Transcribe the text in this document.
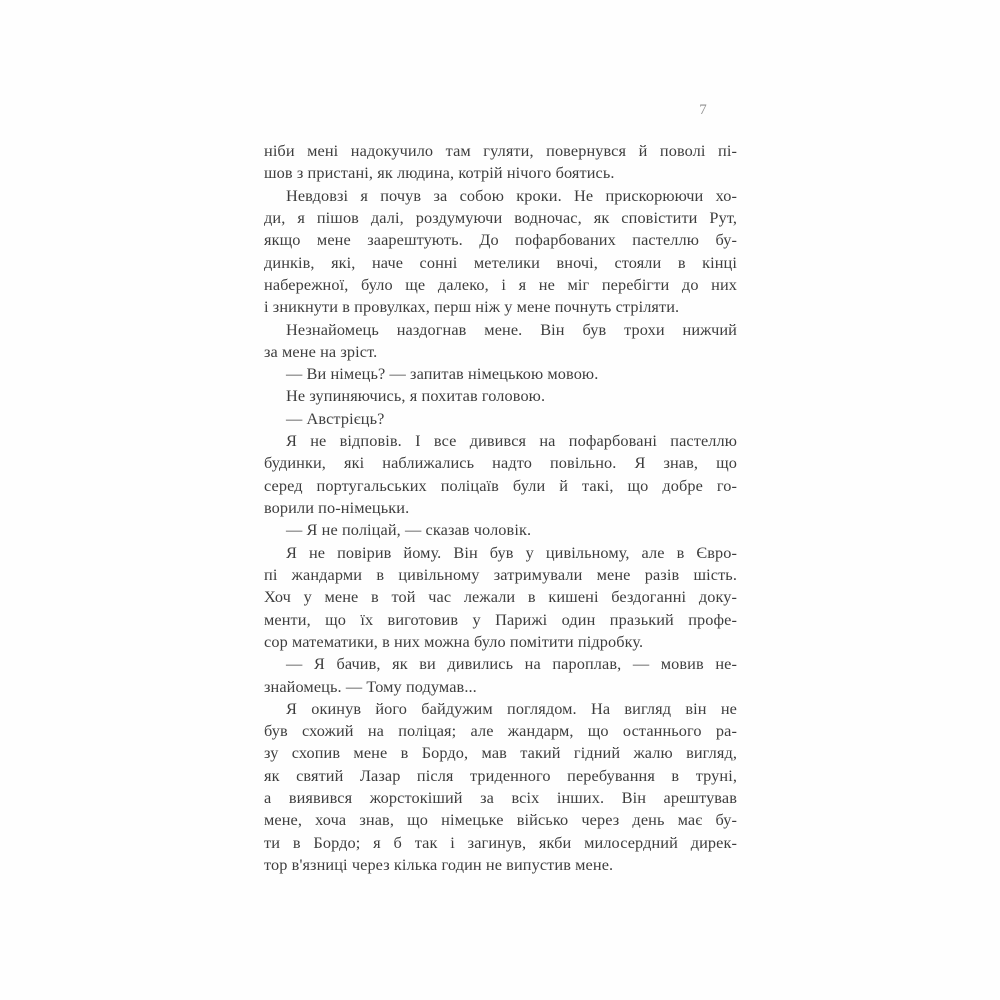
7
ніби мені надокучило там гуляти, повернувся й поволі пі-
шов з пристані, як людина, котрій нічого боятись.
Невдовзі я почув за собою кроки. Не прискорюючи хо-
ди, я пішов далі, роздумуючи водночас, як сповістити Рут,
якщо мене заарештують. До пофарбованих пастеллю бу-
динків, які, наче сонні метелики вночі, стояли в кінці
набережної, було ще далеко, і я не міг перебігти до них
і зникнути в провулках, перш ніж у мене почнуть стріляти.
Незнайомець наздогнав мене. Він був трохи нижчий
за мене на зріст.
— Ви німець? — запитав німецькою мовою.
Не зупиняючись, я похитав головою.
— Австрієць?
Я не відповів. І все дивився на пофарбовані пастеллю
будинки, які наближались надто повільно. Я знав, що
серед португальських поліцаїв були й такі, що добре го-
ворили по-німецьки.
— Я не поліцай, — сказав чоловік.
Я не повірив йому. Він був у цивільному, але в Євро-
пі жандарми в цивільному затримували мене разів шість.
Хоч у мене в той час лежали в кишені бездоганні доку-
менти, що їх виготовив у Парижі один празький профе-
сор математики, в них можна було помітити підробку.
— Я бачив, як ви дивились на пароплав, — мовив не-
знайомець. — Тому подумав...
Я окинув його байдужим поглядом. На вигляд він не
був схожий на поліцая; але жандарм, що останнього ра-
зу схопив мене в Бордо, мав такий гідний жалю вигляд,
як святий Лазар після триденного перебування в труні,
а виявився жорстокіший за всіх інших. Він арештував
мене, хоча знав, що німецьке військо через день має бу-
ти в Бордо; я б так і загинув, якби милосердний дирек-
тор в'язниці через кілька годин не випустив мене.
